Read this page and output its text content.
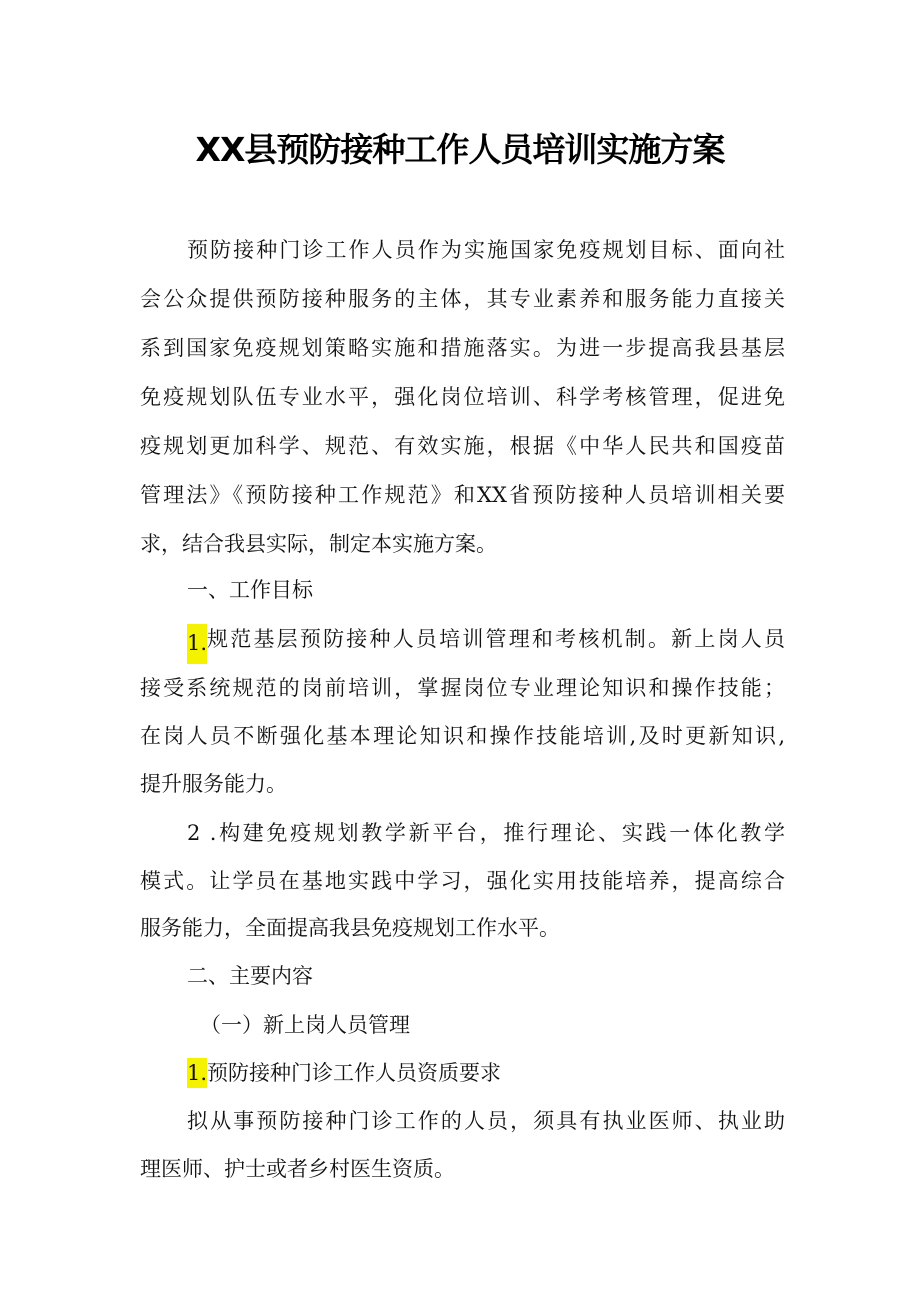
XX县预防接种工作人员培训实施方案
预防接种门诊工作人员作为实施国家免疫规划目标、面向社
会公众提供预防接种服务的主体，其专业素养和服务能力直接关
系到国家免疫规划策略实施和措施落实。为进一步提高我县基层
免疫规划队伍专业水平，强化岗位培训、科学考核管理，促进免
疫规划更加科学、规范、有效实施，根据《中华人民共和国疫苗
管理法》《预防接种工作规范》和XX省预防接种人员培训相关要
求，结合我县实际，制定本实施方案。
一、工作目标
1. 规范基层预防接种人员培训管理和考核机制。新上岗人员
接受系统规范的岗前培训，掌握岗位专业理论知识和操作技能；
在岗人员不断强化基本理论知识和操作技能培训,及时更新知识,
提升服务能力。
2 .构建免疫规划教学新平台，推行理论、实践一体化教学
模式。让学员在基地实践中学习，强化实用技能培养，提高综合
服务能力，全面提高我县免疫规划工作水平。
二、主要内容
（一）新上岗人员管理
1.预防接种门诊工作人员资质要求
拟从事预防接种门诊工作的人员，须具有执业医师、执业助
理医师、护士或者乡村医生资质。
